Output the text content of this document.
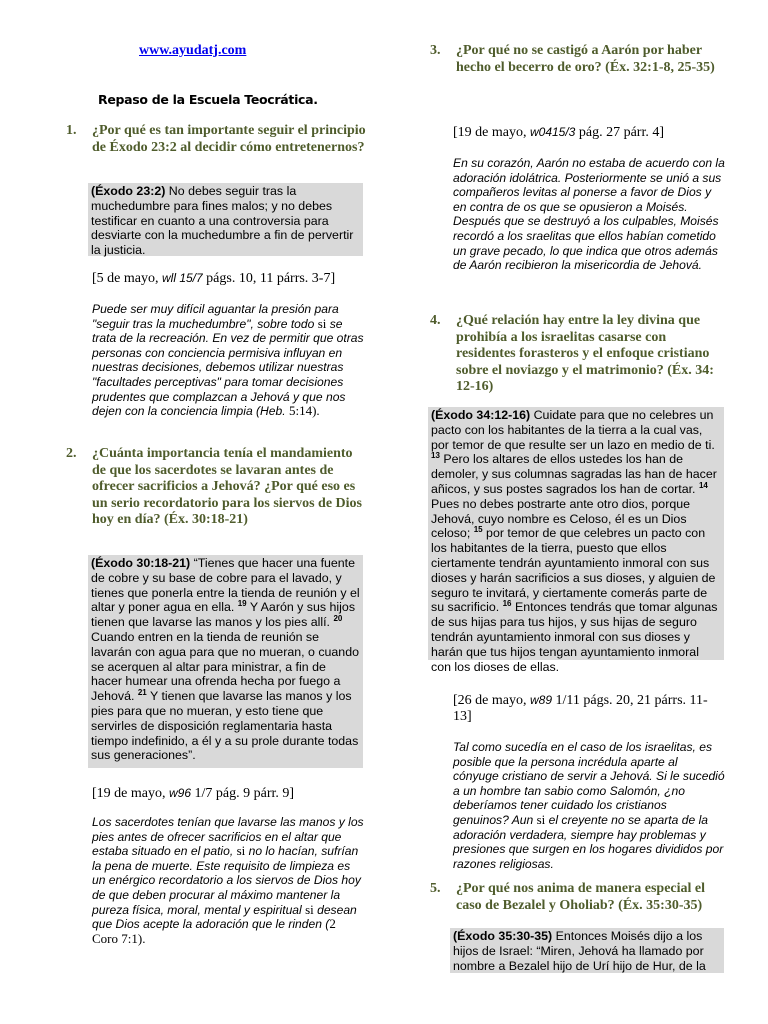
www.ayudatj.com
Repaso de la Escuela Teocrática.
1.	¿Por qué es tan importante seguir el principio de Éxodo 23:2 al decidir cómo entretenernos?
(Éxodo 23:2) No debes seguir tras la muchedumbre para fines malos; y no debes testificar en cuanto a una controversia para desviarte con la muchedumbre a fin de pervertir la justicia.
[5 de mayo, wll 15/7 págs. 10, 11 párrs. 3-7]
Puede ser muy difícil aguantar la presión para "seguir tras la muchedumbre", sobre todo si se trata de la recreación. En vez de permitir que otras personas con conciencia permisiva influyan en nuestras decisiones, debemos utilizar nuestras "facultades perceptivas" para tomar decisiones prudentes que complazcan a Jehová y que nos dejen con la conciencia limpia (Heb. 5:14).
2.	¿Cuánta importancia tenía el mandamiento de que los sacerdotes se lavaran antes de ofrecer sacrificios a Jehová? ¿Por qué eso es un serio recordatorio para los siervos de Dios hoy en día? (Éx. 30:18-21)
(Éxodo 30:18-21) “Tienes que hacer una fuente de cobre y su base de cobre para el lavado, y tienes que ponerla entre la tienda de reunión y el altar y poner agua en ella. $^{19}$ Y Aarón y sus hijos tienen que lavarse las manos y los pies allí. $^{20}$ Cuando entren en la tienda de reunión se lavarán con agua para que no mueran, o cuando se acerquen al altar para ministrar, a fin de hacer humear una ofrenda hecha por fuego a Jehová. $^{21}$ Y tienen que lavarse las manos y los pies para que no mueran, y esto tiene que servirles de disposición reglamentaria hasta tiempo indefinido, a él y a su prole durante todas sus generaciones”.
[19 de mayo, w96 1/7 pág. 9 párr. 9]
Los sacerdotes tenían que lavarse las manos y los pies antes de ofrecer sacrificios en el altar que estaba situado en el patio, si no lo hacían, sufrían la pena de muerte. Este requisito de limpieza es un enérgico recordatorio a los siervos de Dios hoy de que deben procurar al máximo mantener la pureza física, moral, mental y espiritual si desean que Dios acepte la adoración que le rinden (2 Coro 7:1).
3.	¿Por qué no se castigó a Aarón por haber hecho el becerro de oro? (Éx. 32:1-8, 25-35)
[19 de mayo, w0415/3 pág. 27 párr. 4]
En su corazón, Aarón no estaba de acuerdo con la adoración idolátrica. Posteriormente se unió a sus compañeros levitas al ponerse a favor de Dios y en contra de os que se opusieron a Moisés. Después que se destruyó a los culpables, Moisés recordó a los sraelitas que ellos habían cometido un grave pecado, lo que indica que otros además de Aarón recibieron la misericordia de Jehová.
4.	¿Qué relación hay entre la ley divina que prohibía a los israelitas casarse con residentes forasteros y el enfoque cristiano sobre el noviazgo y el matrimonio? (Éx. 34: 12-16)
(Éxodo 34:12-16) Cuidate para que no celebres un pacto con los habitantes de la tierra a la cual vas, por temor de que resulte ser un lazo en medio de ti. $^{13}$ Pero los altares de ellos ustedes los han de demoler, y sus columnas sagradas las han de hacer añicos, y sus postes sagrados los han de cortar. $^{14}$ Pues no debes postrarte ante otro dios, porque Jehová, cuyo nombre es Celoso, él es un Dios celoso; $^{15}$ por temor de que celebres un pacto con los habitantes de la tierra, puesto que ellos ciertamente tendrán ayuntamiento inmoral con sus dioses y harán sacrificios a sus dioses, y alguien de seguro te invitará, y ciertamente comerás parte de su sacrificio. $^{16}$ Entonces tendrás que tomar algunas de sus hijas para tus hijos, y sus hijas de seguro tendrán ayuntamiento inmoral con sus dioses y harán que tus hijos tengan ayuntamiento inmoral con los dioses de ellas.
[26 de mayo, w89 1/11 págs. 20, 21 párrs. 11-13]
Tal como sucedía en el caso de los israelitas, es posible que la persona incrédula aparte al cónyuge cristiano de servir a Jehová. Si le sucedió a un hombre tan sabio como Salomón, ¿no deberíamos tener cuidado los cristianos genuinos? Aun si el creyente no se aparta de la adoración verdadera, siempre hay problemas y presiones que surgen en los hogares divididos por razones religiosas.
5.	¿Por qué nos anima de manera especial el caso de Bezalel y Oholiab? (Éx. 35:30-35)
(Éxodo 35:30-35) Entonces Moisés dijo a los hijos de Israel: “Miren, Jehová ha llamado por nombre a Bezalel hijo de Urí hijo de Hur, de la
